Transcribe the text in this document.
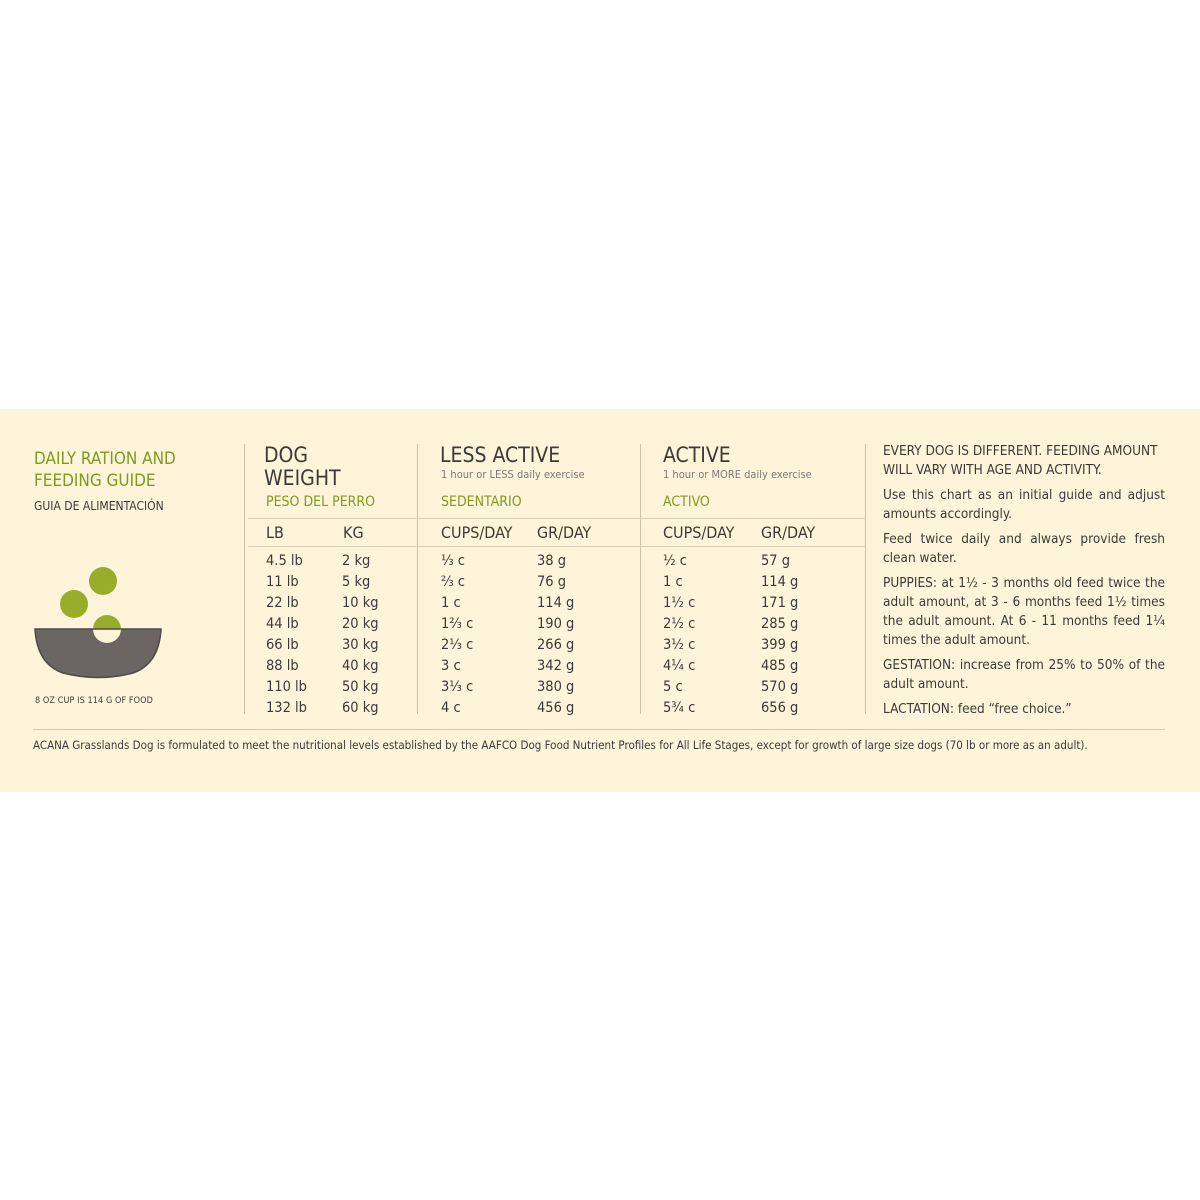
DAILY RATION AND FEEDING GUIDE
GUIA DE ALIMENTACIÓN
8 OZ CUP IS 114 G OF FOOD
DOG WEIGHT
PESO DEL PERRO
LB	KG
LESS ACTIVE
1 hour or LESS daily exercise
SEDENTARIO
CUPS/DAY GR/DAY
ACTIVE
1 hour or MORE daily exercise
ACTIVO
CUPS/DAY GR/DAY
4.5 lb
11 lb
22 lb
44 lb
66 lb
88 lb
110 lb
132 lb
2 kg
5 kg
10 kg
20 kg
30 kg
40 kg
50 kg
60 kg
⅓ c
⅔ c
1 c
1⅔ c
2⅓ c
3 c
3⅓ c
4 c
38 g
76 g
114 g
190 g
266 g
342 g
380 g
456 g
½ c
1 c
1½ c
2½ c
3½ c
4¼ c
5 c
5¾ c
57 g
114 g
171 g
285 g
399 g
485 g
570 g
656 g

EVERY DOG IS DIFFERENT. FEEDING AMOUNT WILL VARY WITH AGE AND ACTIVITY.

Use this chart as an initial guide and adjust amounts accordingly.

Feed twice daily and always provide fresh clean water.

PUPPIES: at 1½ - 3 months old feed twice the adult amount, at 3 - 6 months feed 1½ times the adult amount. At 6 - 11 months feed 1¼ times the adult amount.

GESTATION: increase from 25% to 50% of the adult amount.

LACTATION: feed “free choice.”

ACANA Grasslands Dog is formulated to meet the nutritional levels established by the AAFCO Dog Food Nutrient Profiles for All Life Stages, except for growth of large size dogs (70 lb or more as an adult).
